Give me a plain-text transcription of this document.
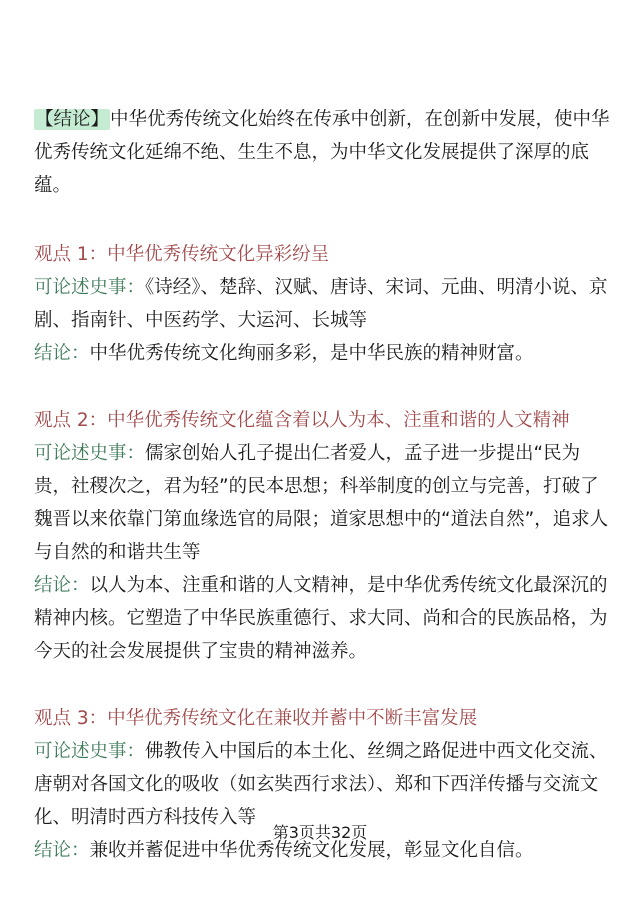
【结论】中华优秀传统文化始终在传承中创新，在创新中发展，使中华优秀传统文化延绵不绝、生生不息，为中华文化发展提供了深厚的底蕴。

观点 1：中华优秀传统文化异彩纷呈

可论述史事：《诗经》、楚辞、汉赋、唐诗、宋词、元曲、明清小说、京剧、指南针、中医药学、大运河、长城等

结论：中华优秀传统文化绚丽多彩，是中华民族的精神财富。

观点 2：中华优秀传统文化蕴含着以人为本、注重和谐的人文精神

可论述史事：儒家创始人孔子提出仁者爱人，孟子进一步提出“民为贵，社稷次之，君为轻”的民本思想；科举制度的创立与完善，打破了魏晋以来依靠门第血缘选官的局限；道家思想中的“道法自然”，追求人与自然的和谐共生等

结论：以人为本、注重和谐的人文精神，是中华优秀传统文化最深沉的精神内核。它塑造了中华民族重德行、求大同、尚和合的民族品格，为今天的社会发展提供了宝贵的精神滋养。

观点 3：中华优秀传统文化在兼收并蓄中不断丰富发展

可论述史事：佛教传入中国后的本土化、丝绸之路促进中西文化交流、唐朝对各国文化的吸收（如玄奘西行求法）、郑和下西洋传播与交流文化、明清时西方科技传入等

结论：兼收并蓄促进中华优秀传统文化发展，彰显文化自信。

第3页共32页
